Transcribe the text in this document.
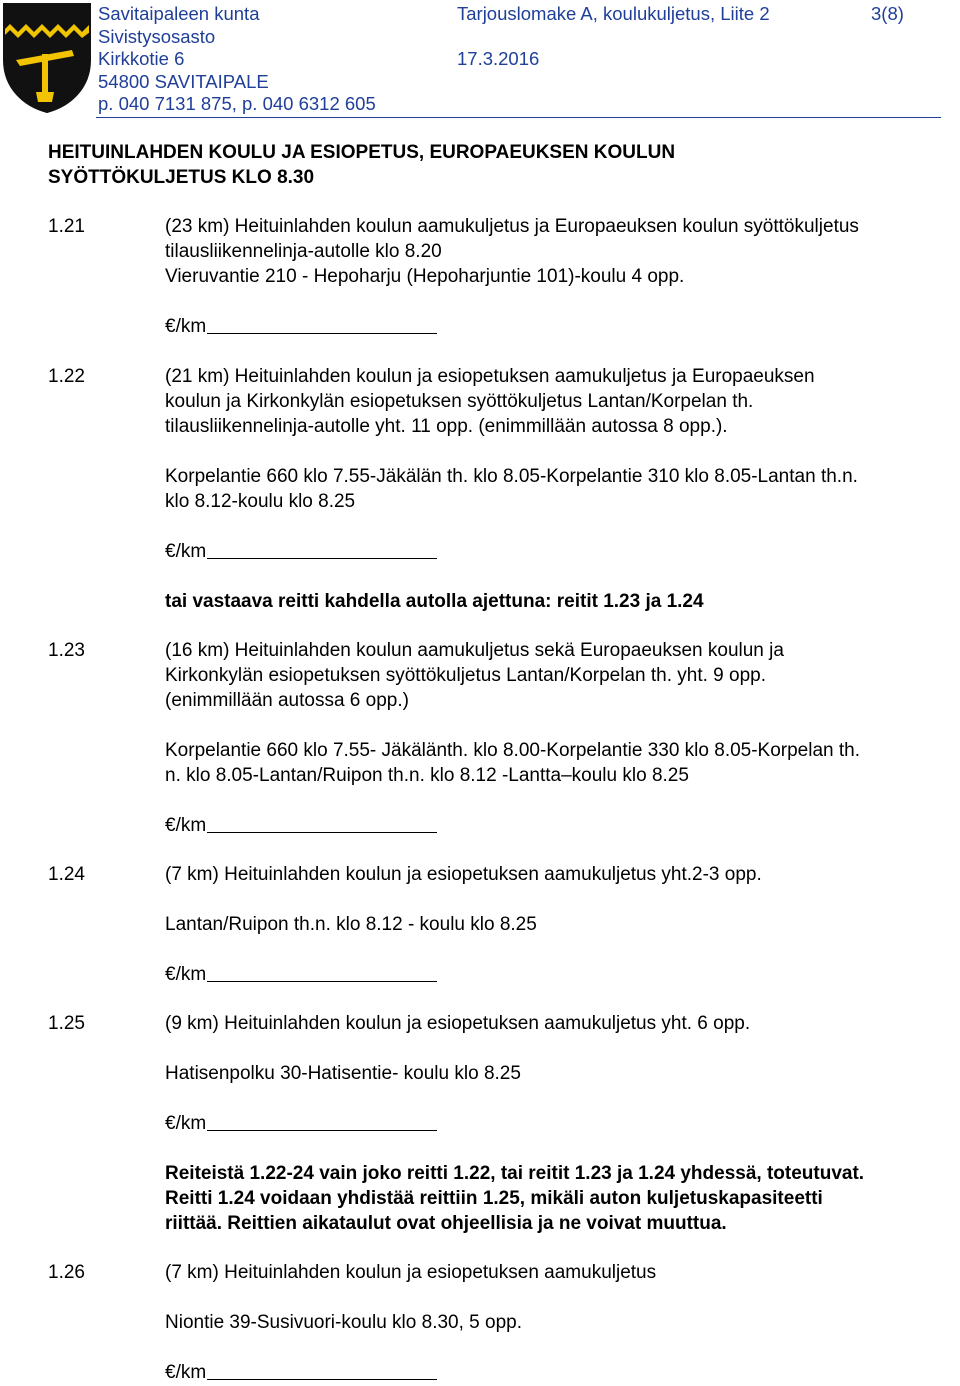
Savitaipaleen kunta
Sivistysosasto
Kirkkotie 6
54800 SAVITAIPALE
p. 040 7131 875, p. 040 6312 605
Tarjouslomake A, koulukuljetus, Liite 2
17.3.2016
3(8)
HEITUINLAHDEN KOULU JA ESIOPETUS, EUROPAEUKSEN KOULUN
SYÖTTÖKULJETUS KLO 8.30
1.21	(23 km) Heituinlahden koulun aamukuljetus ja Europaeuksen koulun syöttökuljetus
tilausliikennelinja-autolle klo 8.20
Vieruvantie 210 - Hepoharju (Hepoharjuntie 101)-koulu 4 opp.
€/km
1.22	(21 km) Heituinlahden koulun ja esiopetuksen aamukuljetus ja Europaeuksen
koulun ja Kirkonkylän esiopetuksen syöttökuljetus Lantan/Korpelan th.
tilausliikennelinja-autolle yht. 11 opp. (enimmillään autossa 8 opp.).
Korpelantie 660 klo 7.55-Jäkälän th. klo 8.05-Korpelantie 310 klo 8.05-Lantan th.n.
klo 8.12-koulu klo 8.25
€/km
tai vastaava reitti kahdella autolla ajettuna: reitit 1.23 ja 1.24
1.23	(16 km) Heituinlahden koulun aamukuljetus sekä Europaeuksen koulun ja
Kirkonkylän esiopetuksen syöttökuljetus Lantan/Korpelan th. yht. 9 opp.
(enimmillään autossa 6 opp.)
Korpelantie 660 klo 7.55- Jäkälänth. klo 8.00-Korpelantie 330 klo 8.05-Korpelan th.
n. klo 8.05-Lantan/Ruipon th.n. klo 8.12 -Lantta–koulu klo 8.25
€/km
1.24	(7 km) Heituinlahden koulun ja esiopetuksen aamukuljetus yht.2-3 opp.
Lantan/Ruipon th.n. klo 8.12 - koulu klo 8.25
€/km
1.25	(9 km) Heituinlahden koulun ja esiopetuksen aamukuljetus yht. 6 opp.
Hatisenpolku 30-Hatisentie- koulu klo 8.25
€/km
Reiteistä 1.22-24 vain joko reitti 1.22, tai reitit 1.23 ja 1.24 yhdessä, toteutuvat.
Reitti 1.24 voidaan yhdistää reittiin 1.25, mikäli auton kuljetuskapasiteetti
riittää. Reittien aikataulut ovat ohjeellisia ja ne voivat muuttua.
1.26	(7 km) Heituinlahden koulun ja esiopetuksen aamukuljetus
Niontie 39-Susivuori-koulu klo 8.30, 5 opp.
€/km
